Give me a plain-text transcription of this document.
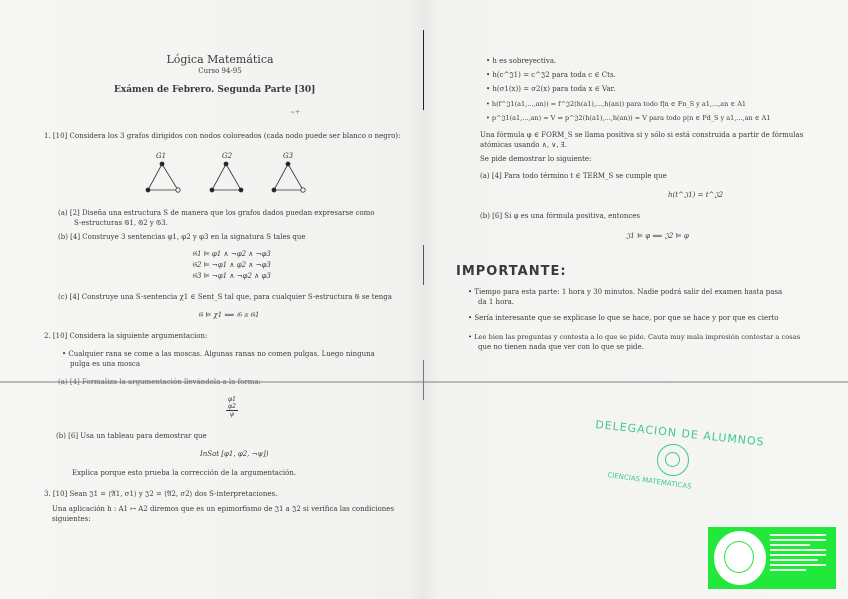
Lógica Matemática
Curso 94-95
Exámen de Febrero. Segunda Parte [30]
~+
1. [10] Considera los 3 grafos dirigidos con nodos coloreados (cada nodo puede ser blanco o negro):
G1	G2	G3
(a) [2] Diseña una estructura S de manera que los grafos dados puedan expresarse como
S-estructuras 𝔊1, 𝔊2 y 𝔊3.
(b) [4] Construye 3 sentencias φ1, φ2 y φ3 en la signatura S tales que
𝔊1 ⊨ φ1 ∧ ¬φ2 ∧ ¬φ3
𝔊2 ⊨ ¬φ1 ∧ φ2 ∧ ¬φ3
𝔊3 ⊨ ¬φ1 ∧ ¬φ2 ∧ φ3
(c) [4] Construye una S-sentencia χ1 ∈ Sent_S tal que, para cualquier S-estructura 𝔊 se tenga
𝔊 ⊨ χ1 ⟺ 𝔊 ≅ 𝔊1
2. [10] Considera la siguiente argumentacion:
• Cualquier rana se come a las moscas. Algunas ranas no comen pulgas. Luego ninguna
pulga es una mosca
(a) [4] Formaliza la argumentación llevándola a la forma:
φ1
φ2
ψ
(b) [6] Usa un tableau para demostrar que
InSat [φ1, φ2, ¬ψ])
Explica porque esto prueba la corrección de la argumentación.
3. [10] Sean 𝔍1 = ⟨𝔄1, σ1⟩ y 𝔍2 = ⟨𝔄2, σ2⟩ dos S-interpretaciones.
Una aplicación h : A1 ↦ A2 diremos que es un epimorfismo de 𝔍1 a 𝔍2 si verifica las condiciones
siguientes:
• h es sobreyectiva.
• h(c^𝔍1) = c^𝔍2 para toda c ∈ Cts.
• h(σ1(x)) = σ2(x) para toda x ∈ Var.
• h(f^𝔍1(a1,...,an)) = f^𝔍2(h(a1),...,h(an)) para todo f|n ∈ Fn_S y a1,...,an ∈ A1
• p^𝔍1(a1,...,an) = V ⇒ p^𝔍2(h(a1),...,h(an)) = V para todo p|n ∈ Pd_S y a1,...,an ∈ A1
Una fórmula φ ∈ FORM_S se llama positiva si y sólo si está construida a partir de fórmulas
atómicas usando ∧, ∨, ∃.
Se pide demostrar lo siguiente:
(a) [4] Para todo término t ∈ TERM_S se cumple que
h(t^𝔍1) = t^𝔍2
(b) [6] Si φ es una fórmula positiva, entonces
𝔍1 ⊨ φ ⟹ 𝔍2 ⊨ φ
IMPORTANTE:
• Tiempo para esta parte: 1 hora y 30 minutos. Nadie podrá salir del examen hasta pasa
da 1 hora.
• Sería interesante que se explicase lo que se hace, por que se hace y por que es cierto
• Lee bien las preguntas y contesta a lo que se pide. Cauta muy mala impresión contestar a cosas
que no tienen nada que ver con lo que se pide.
DELEGACION DE ALUMNOS
CIENCIAS MATEMATICAS
